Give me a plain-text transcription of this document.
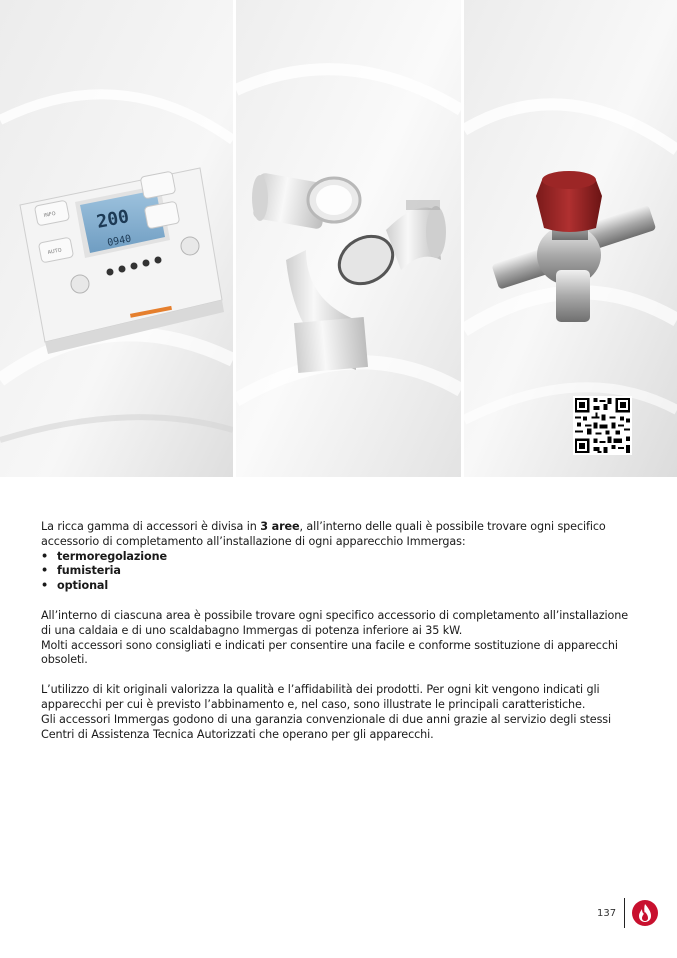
200
0940
INFO
AUTO

La ricca gamma di accessori è divisa in 3 aree, all’interno delle quali è possibile trovare ogni specifico accessorio di completamento all’installazione di ogni apparecchio Immergas:

• termoregolazione
• fumisteria
• optional

All’interno di ciascuna area è possibile trovare ogni specifico accessorio di completamento all’installazione di una caldaia e di uno scaldabagno Immergas di potenza inferiore ai 35 kW.

Molti accessori sono consigliati e indicati per consentire una facile e conforme sostituzione di apparecchi obsoleti.

L’utilizzo di kit originali valorizza la qualità e l’affidabilità dei prodotti. Per ogni kit vengono indicati gli apparecchi per cui è previsto l’abbinamento e, nel caso, sono illustrate le principali caratteristiche.

Gli accessori Immergas godono di una garanzia convenzionale di due anni grazie al servizio degli stessi Centri di Assistenza Tecnica Autorizzati che operano per gli apparecchi.

137
